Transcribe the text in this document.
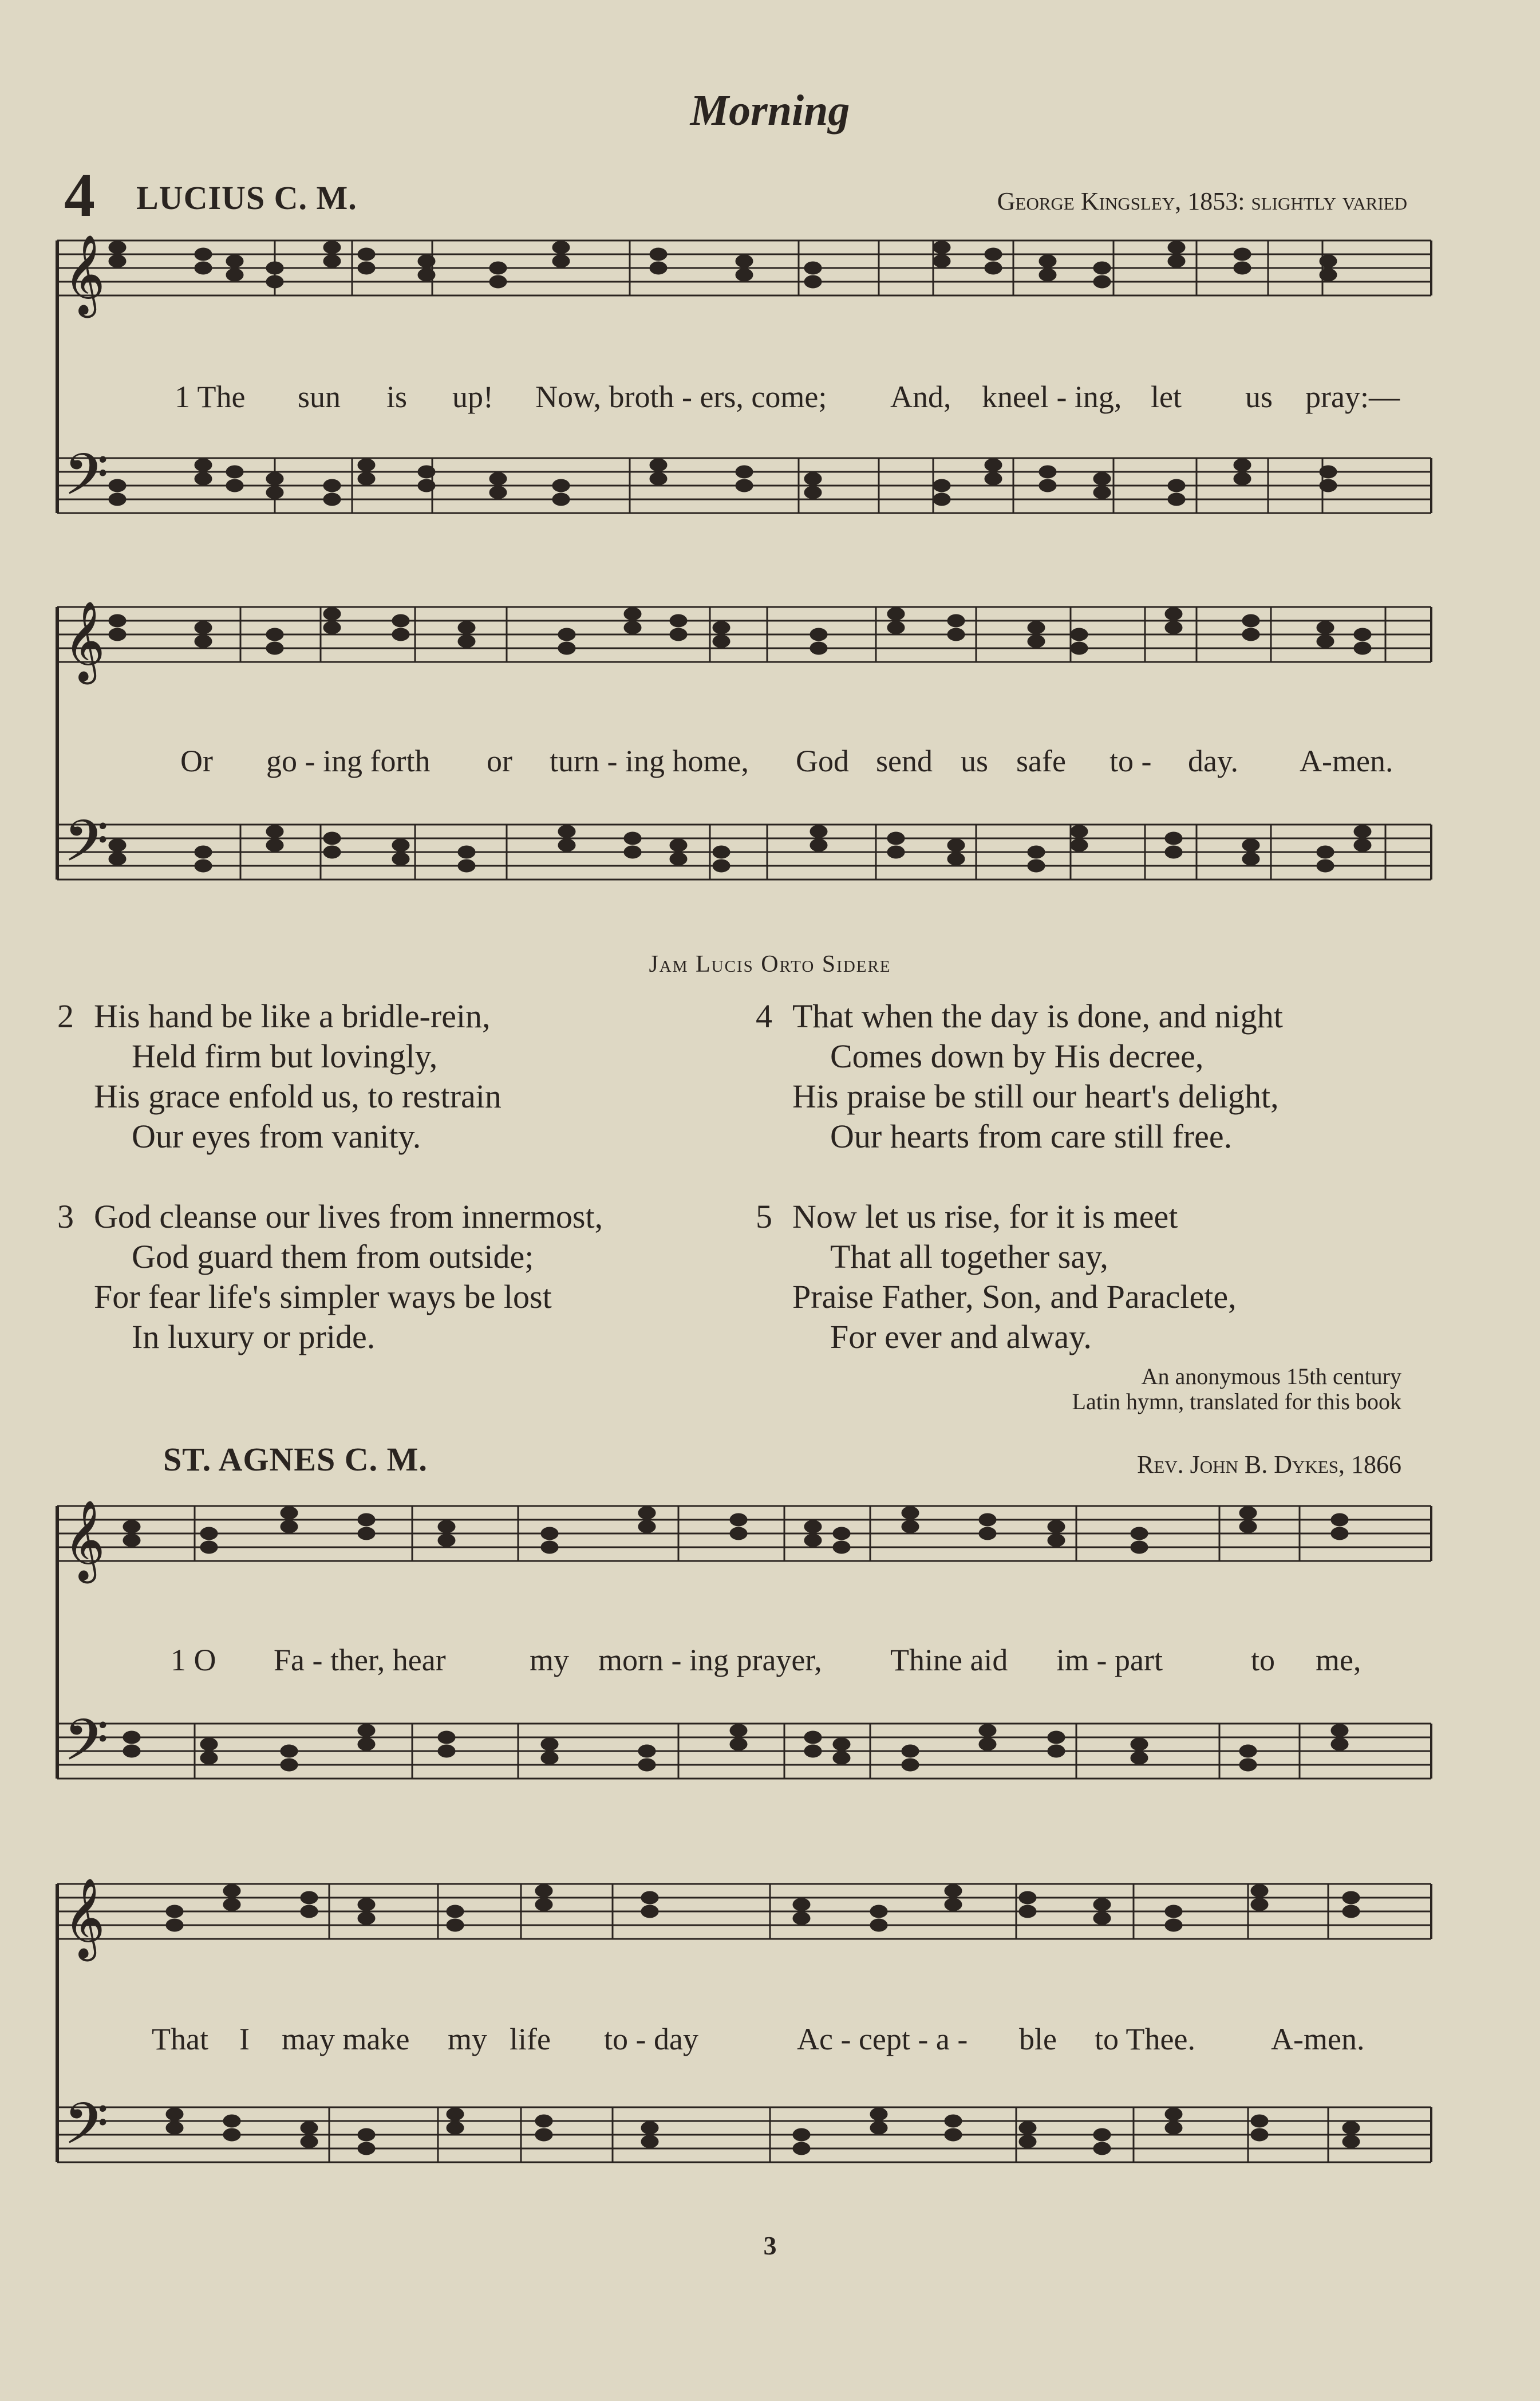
𝄞
𝄢
𝄞
𝄢
𝄞
𝄢
𝄞
𝄢
Morning
4 LUCIUS C. M.	George Kingsley, 1853: slightly varied
1 The sun is up! Now, broth - ers, come; And, kneel - ing, let us pray:—
Or go - ing forth or turn - ing home, God send us safe to - day. A-men.
Jam Lucis Orto Sidere
2 His hand be like a bridle-rein,
Held firm but lovingly,
His grace enfold us, to restrain
Our eyes from vanity.
3 God cleanse our lives from innermost,
God guard them from outside;
For fear life's simpler ways be lost
In luxury or pride.
4 That when the day is done, and night
Comes down by His decree,
His praise be still our heart's delight,
Our hearts from care still free.
5 Now let us rise, for it is meet
That all together say,
Praise Father, Son, and Paraclete,
For ever and alway.
An anonymous 15th century
Latin hymn, translated for this book
ST. AGNES C. M.	Rev. John B. Dykes, 1866
1 O Fa - ther, hear	my morn - ing prayer, Thine aid im - part	to me,
That I may make my life to - day	Ac - cept - a - ble to Thee. A-men.
3
